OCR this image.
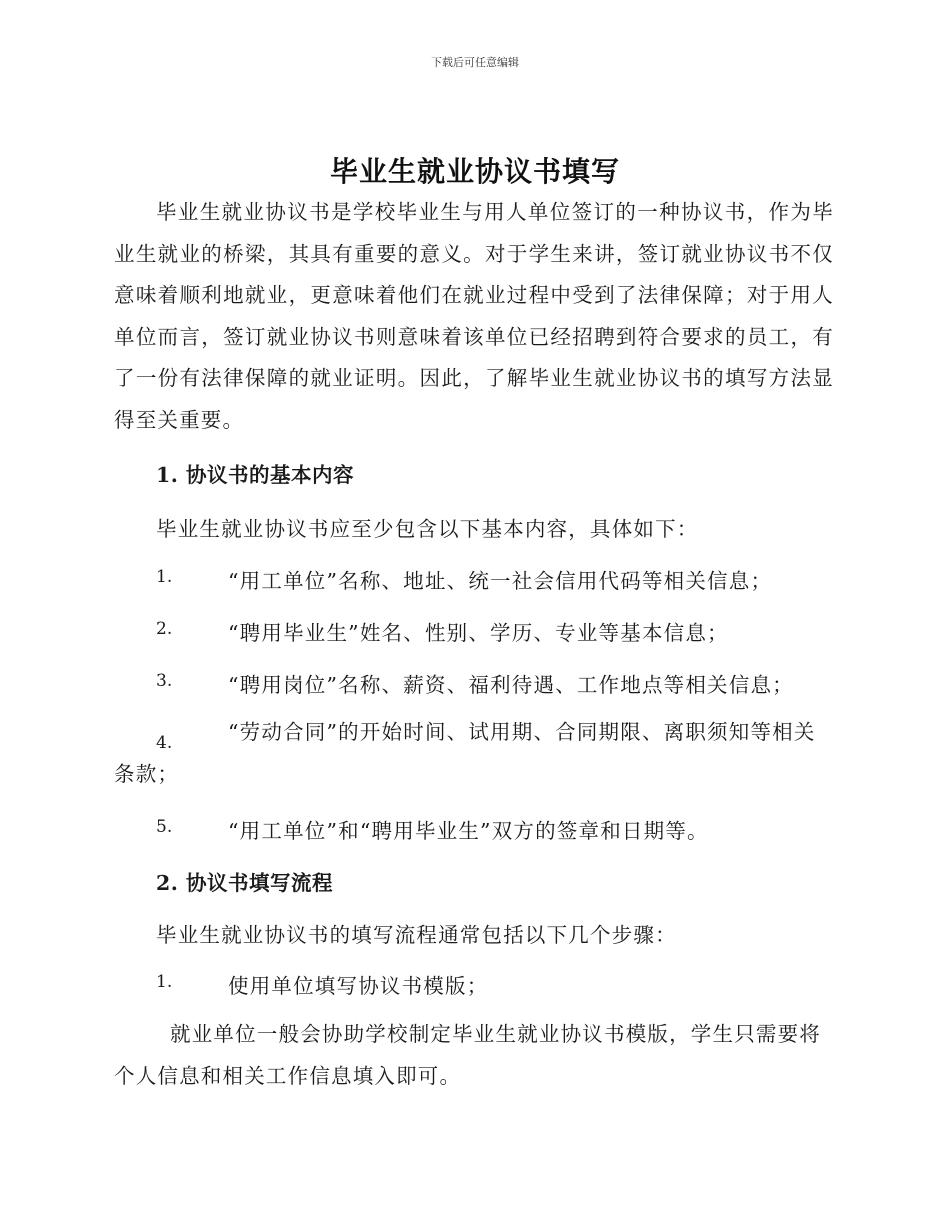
下载后可任意编辑
毕业生就业协议书填写

毕业生就业协议书是学校毕业生与用人单位签订的一种协议书，作为毕业生就业的桥梁，其具有重要的意义。对于学生来讲，签订就业协议书不仅意味着顺利地就业，更意味着他们在就业过程中受到了法律保障；对于用人单位而言，签订就业协议书则意味着该单位已经招聘到符合要求的员工，有了一份有法律保障的就业证明。因此，了解毕业生就业协议书的填写方法显得至关重要。

1. 协议书的基本内容

毕业生就业协议书应至少包含以下基本内容，具体如下：

1.	“用工单位”名称、地址、统一社会信用代码等相关信息；
2.	“聘用毕业生”姓名、性别、学历、专业等基本信息；
3.	“聘用岗位”名称、薪资、福利待遇、工作地点等相关信息；
4.	“劳动合同”的开始时间、试用期、合同期限、离职须知等相关条款；
5.	“用工单位”和“聘用毕业生”双方的签章和日期等。

2. 协议书填写流程

毕业生就业协议书的填写流程通常包括以下几个步骤：

1.	使用单位填写协议书模版；

就业单位一般会协助学校制定毕业生就业协议书模版，学生只需要将个人信息和相关工作信息填入即可。
